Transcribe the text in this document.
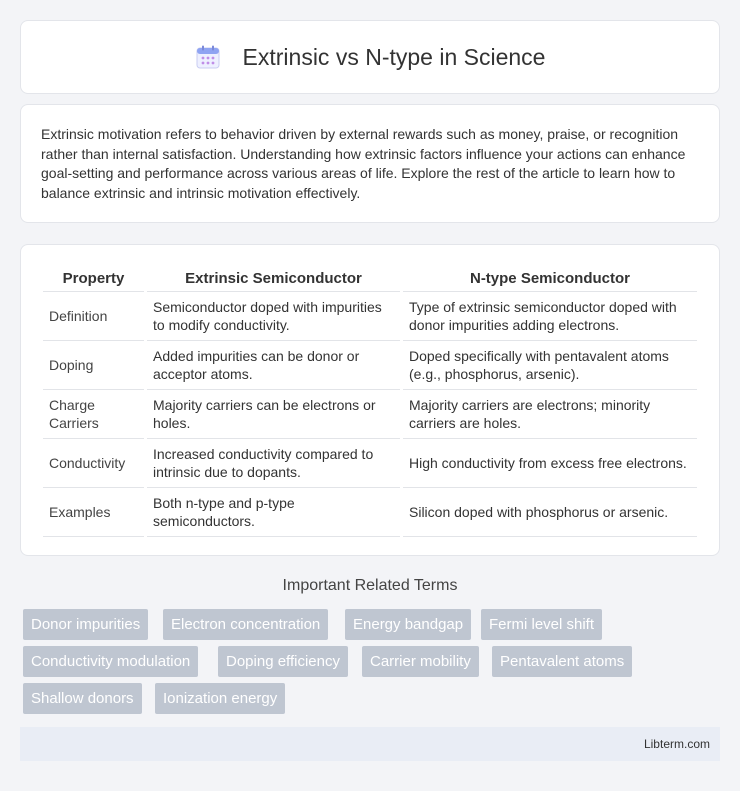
Extrinsic vs N-type in Science

Extrinsic motivation refers to behavior driven by external rewards such as money, praise, or recognition rather than internal satisfaction. Understanding how extrinsic factors influence your actions can enhance goal-setting and performance across various areas of life. Explore the rest of the article to learn how to balance extrinsic and intrinsic motivation effectively.

Property		Extrinsic Semiconductor		N-type Semiconductor
Definition		Semiconductor doped with impurities to modify conductivity.		Type of extrinsic semiconductor doped with donor impurities adding electrons.
Doping		Added impurities can be donor or acceptor atoms.		Doped specifically with pentavalent atoms (e.g., phosphorus, arsenic).
Charge Carriers		Majority carriers can be electrons or holes.		Majority carriers are electrons; minority carriers are holes.
Conductivity		Increased conductivity compared to intrinsic due to dopants.		High conductivity from excess free electrons.
Examples		Both n-type and p-type semiconductors.		Silicon doped with phosphorus or arsenic.
Important Related Terms
Donor impurities	Electron concentration	Energy bandgap	Fermi level shift
Conductivity modulation	Doping efficiency	Carrier mobility	Pentavalent atoms
Shallow donors	Ionization energy
Libterm.com
